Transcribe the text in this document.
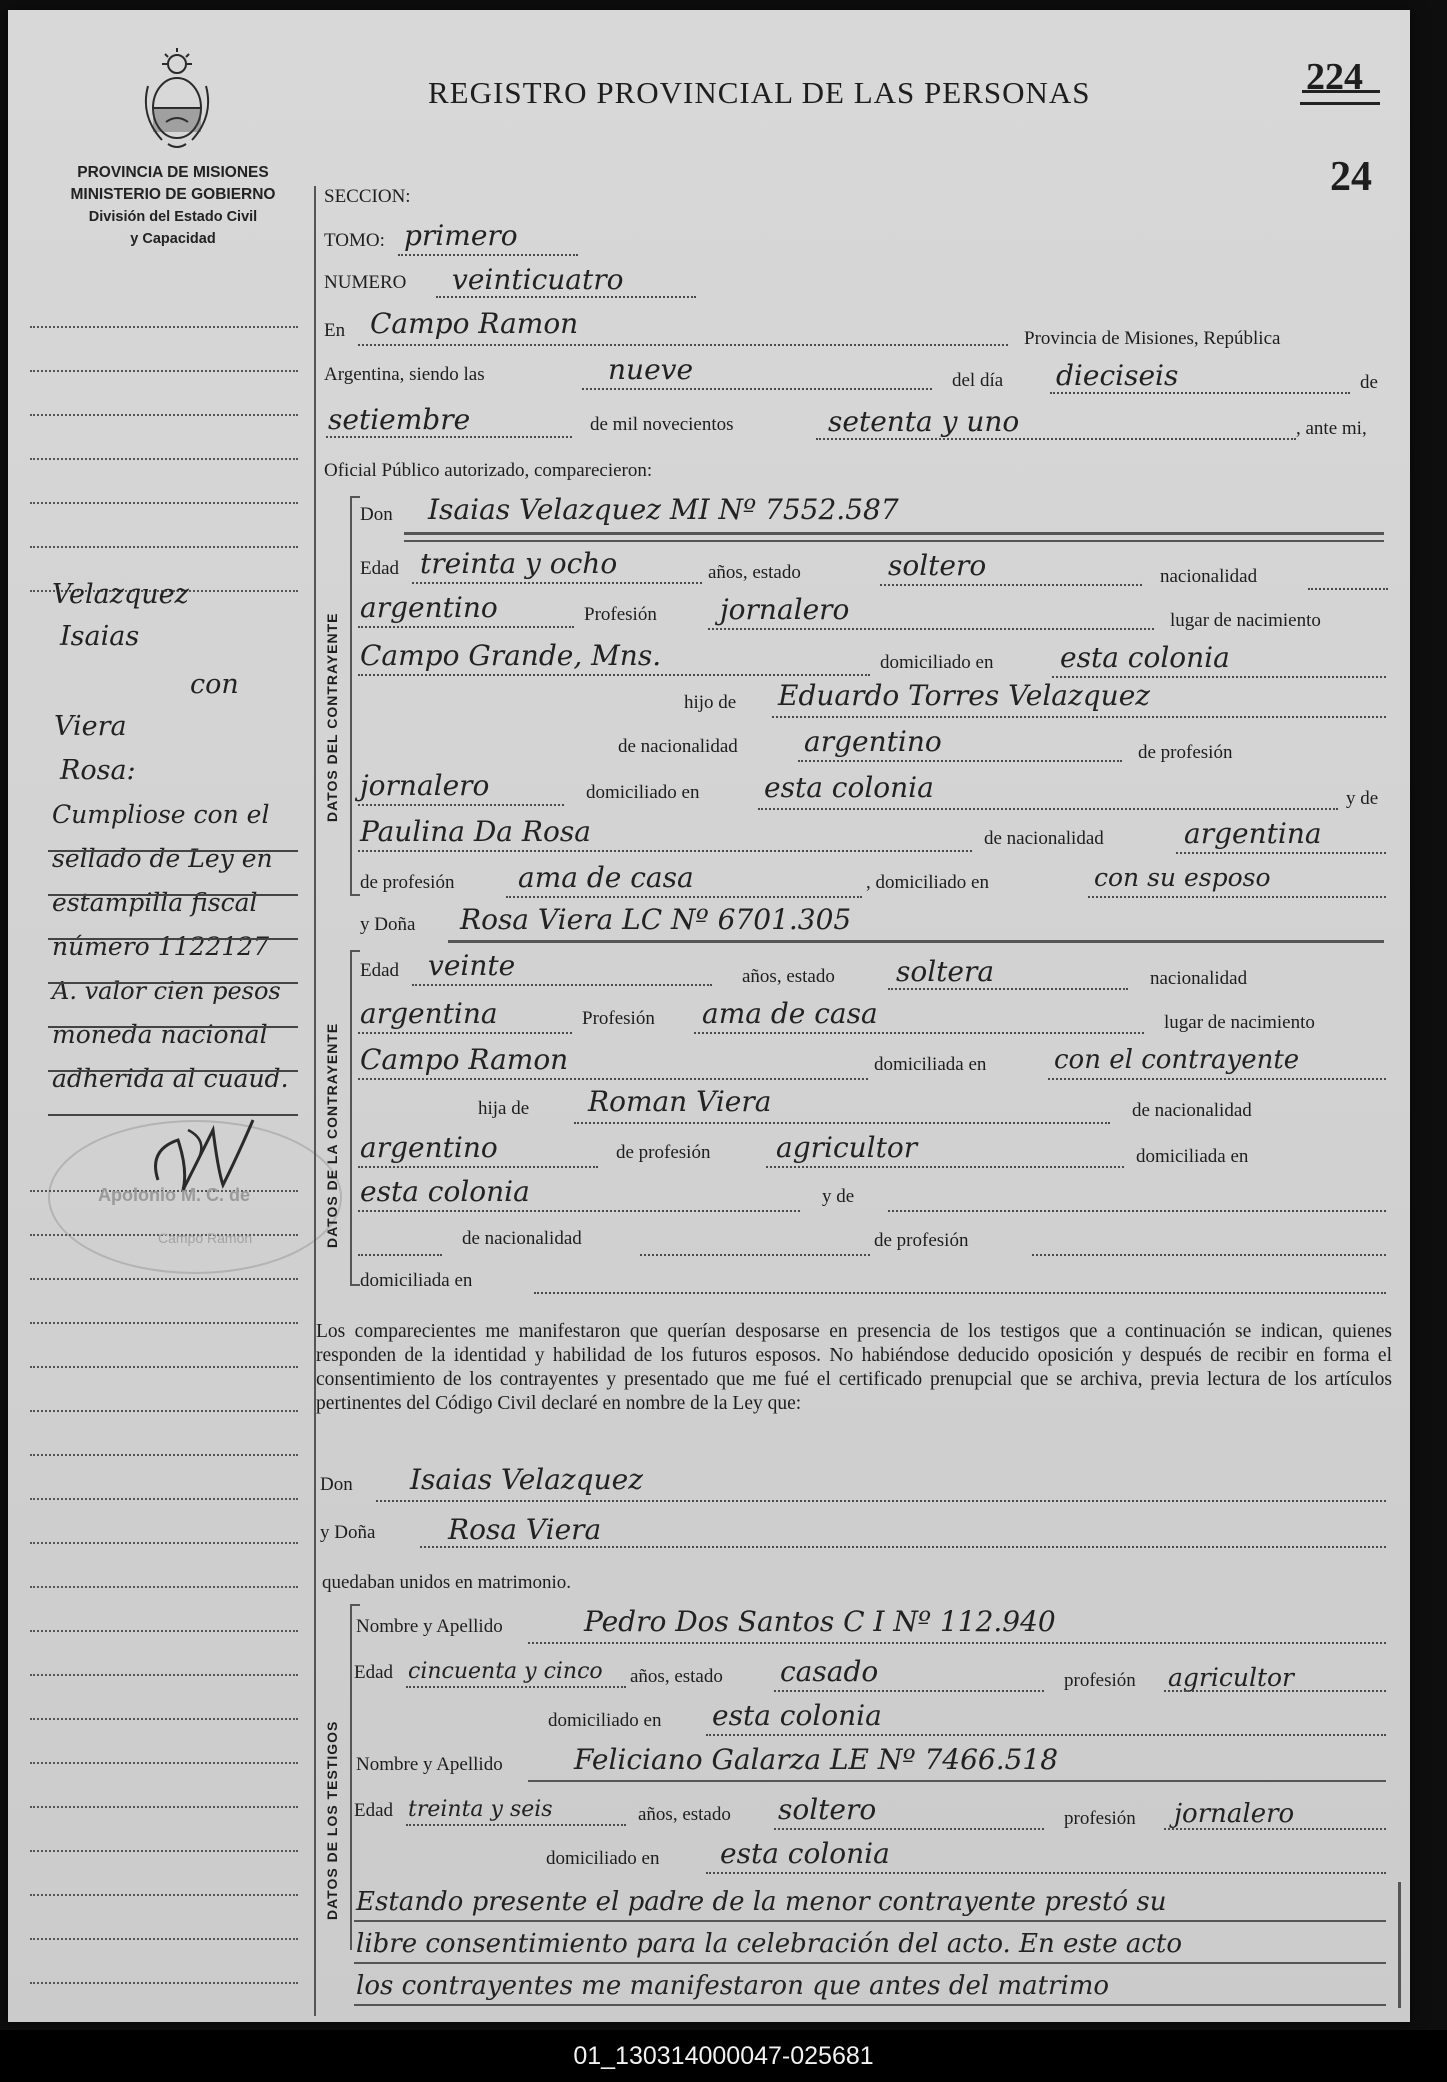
PROVINCIA DE MISIONES
MINISTERIO DE GOBIERNO
División del Estado Civil
y Capacidad
REGISTRO PROVINCIAL DE LAS PERSONAS	224
24
Velazquez
Isaias
con
Viera
Rosa:
Cumpliose con el
sellado de Ley en
estampilla fiscal
número 1122127
A. valor cien pesos
moneda nacional
adherida al cuaud.
Apolonio M. C. de
Campo Ramon
SECCION:
TOMO: primero
NUMERO veinticuatro
En Campo Ramon	Provincia de Misiones, República
Argentina, siendo las	nueve	del día dieciseis	de
setiembre	de mil novecientos	setenta y uno	, ante mi,
Oficial Público autorizado, comparecieron:
DATOS DEL CONTRAYENTE
Don Isaias Velazquez MI Nº 7552.587
Edad treinta y ocho	años, estado	soltero	nacionalidad
argentino	Profesión jornalero	lugar de nacimiento
Campo Grande, Mns.	domiciliado en esta colonia
hijo de Eduardo Torres Velazquez
de nacionalidad argentino	de profesión
jornalero	domiciliado en esta colonia	y de
Paulina Da Rosa	de nacionalidad	argentina
de profesión ama de casa	, domiciliado en	con su esposo
y Doña Rosa Viera LC Nº 6701.305
DATOS DE LA CONTRAYENTE
Edad veinte	años, estado soltera	nacionalidad
argentina	Profesión ama de casa	lugar de nacimiento
Campo Ramon	domiciliada en	con el contrayente
hija de Roman Viera	de nacionalidad
argentino	de profesión agricultor	domiciliada en
esta colonia	y de
de nacionalidad	de profesión
domiciliada en
Los comparecientes me manifestaron que querían desposarse en presencia de los testigos que a continuación se indican, quienes responden de la identidad y habilidad de los futuros esposos. No habiéndose deducido oposición y después de recibir en forma el consentimiento de los contrayentes y presentado que me fué el certificado prenupcial que se archiva, previa lectura de los artículos pertinentes del Código Civil declaré en nombre de la Ley que:
Don Isaias Velazquez
y Doña	Rosa Viera
quedaban unidos en matrimonio.
DATOS DE LOS TESTIGOS
Nombre y Apellido	Pedro Dos Santos C I Nº 112.940
Edad cincuenta y cinco años, estado casado	profesión agricultor
domiciliado en esta colonia
Nombre y Apellido	Feliciano Galarza LE Nº 7466.518
Edad treinta y seis	años, estado soltero	profesión jornalero
domiciliado en esta colonia
Estando presente el padre de la menor contrayente prestó su
libre consentimiento para la celebración del acto. En este acto
los contrayentes me manifestaron que antes del matrimo
01_130314000047-025681
